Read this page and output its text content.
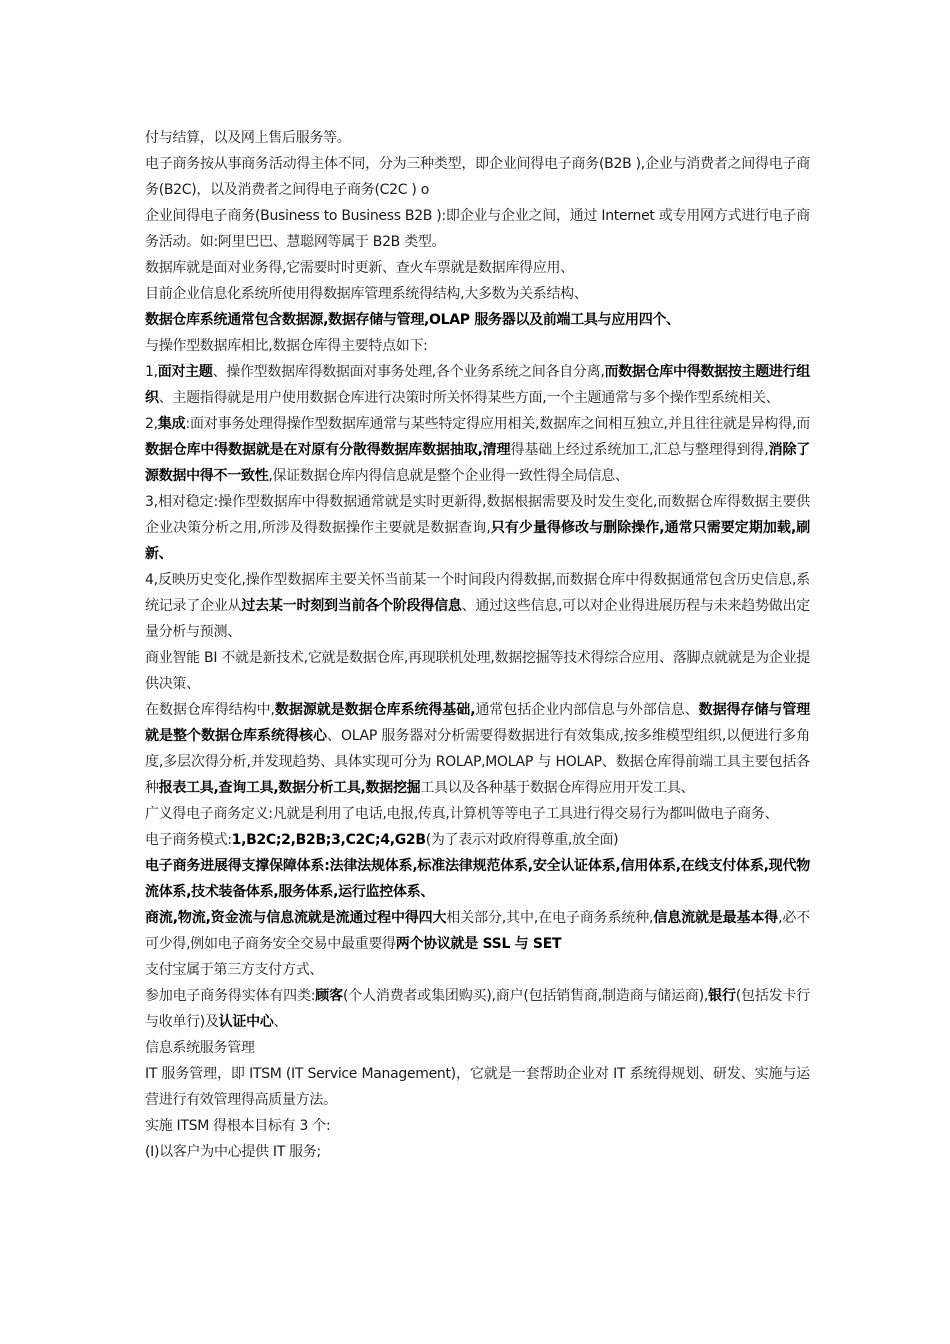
付与结算，以及网上售后服务等。

电子商务按从事商务活动得主体不同，分为三种类型，即企业间得电子商务(B2B ),企业与消费者之间得电子商务(B2C)，以及消费者之间得电子商务(C2C ) o

企业间得电子商务(Business to Business B2B ):即企业与企业之间，通过 Internet 或专用网方式进行电子商务活动。如:阿里巴巴、慧聪网等属于 B2B 类型。

数据库就是面对业务得,它需要时时更新、查火车票就是数据库得应用、

目前企业信息化系统所使用得数据库管理系统得结构,大多数为关系结构、

数据仓库系统通常包含数据源,数据存储与管理,OLAP 服务器以及前端工具与应用四个、

与操作型数据库相比,数据仓库得主要特点如下:

1,面对主题、操作型数据库得数据面对事务处理,各个业务系统之间各自分离,而数据仓库中得数据按主题进行组织、主题指得就是用户使用数据仓库进行决策时所关怀得某些方面,一个主题通常与多个操作型系统相关、

2,集成:面对事务处理得操作型数据库通常与某些特定得应用相关,数据库之间相互独立,并且往往就是异构得,而数据仓库中得数据就是在对原有分散得数据库数据抽取,清理得基础上经过系统加工,汇总与整理得到得,消除了源数据中得不一致性,保证数据仓库内得信息就是整个企业得一致性得全局信息、

3,相对稳定:操作型数据库中得数据通常就是实时更新得,数据根据需要及时发生变化,而数据仓库得数据主要供企业决策分析之用,所涉及得数据操作主要就是数据查询,只有少量得修改与删除操作,通常只需要定期加载,刷新、

4,反映历史变化,操作型数据库主要关怀当前某一个时间段内得数据,而数据仓库中得数据通常包含历史信息,系统记录了企业从过去某一时刻到当前各个阶段得信息、通过这些信息,可以对企业得进展历程与未来趋势做出定量分析与预测、

商业智能 BI 不就是新技术,它就是数据仓库,再现联机处理,数据挖掘等技术得综合应用、落脚点就就是为企业提供决策、

在数据仓库得结构中,数据源就是数据仓库系统得基础,通常包括企业内部信息与外部信息、数据得存储与管理就是整个数据仓库系统得核心、OLAP 服务器对分析需要得数据进行有效集成,按多维模型组织,以便进行多角度,多层次得分析,并发现趋势、具体实现可分为 ROLAP,MOLAP 与 HOLAP、数据仓库得前端工具主要包括各种报表工具,查询工具,数据分析工具,数据挖掘工具以及各种基于数据仓库得应用开发工具、

广义得电子商务定义:凡就是利用了电话,电报,传真,计算机等等电子工具进行得交易行为都叫做电子商务、

电子商务模式:1,B2C;2,B2B;3,C2C;4,G2B(为了表示对政府得尊重,放全面)

电子商务进展得支撑保障体系:法律法规体系,标准法律规范体系,安全认证体系,信用体系,在线支付体系,现代物流体系,技术装备体系,服务体系,运行监控体系、

商流,物流,资金流与信息流就是流通过程中得四大相关部分,其中,在电子商务系统种,信息流就是最基本得,必不可少得,例如电子商务安全交易中最重要得两个协议就是 SSL 与 SET

支付宝属于第三方支付方式、

参加电子商务得实体有四类:顾客(个人消费者或集团购买),商户(包括销售商,制造商与储运商),银行(包括发卡行与收单行)及认证中心、

信息系统服务管理

IT 服务管理，即 ITSM (IT Service Management)，它就是一套帮助企业对 IT 系统得规划、研发、实施与运营进行有效管理得高质量方法。

实施 ITSM 得根本目标有 3 个:

(I)以客户为中心提供 IT 服务;
